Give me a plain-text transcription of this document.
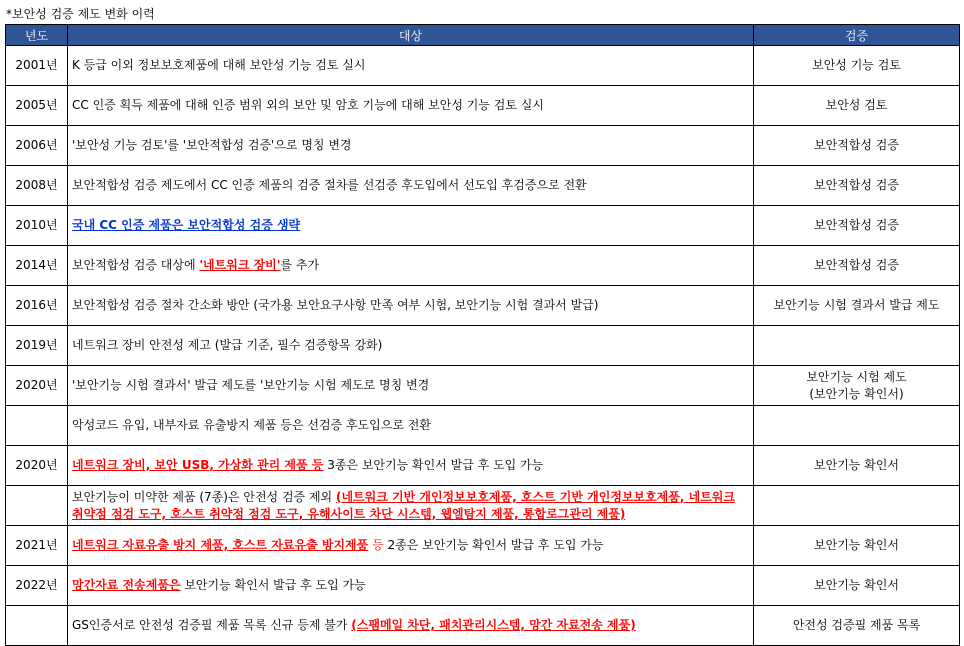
*보안성 검증 제도 변화 이력
년도	대상	검증
2001년	K 등급 이외 정보보호제품에 대해 보안성 기능 검토 실시	보안성 기능 검토
2005년	CC 인증 획득 제품에 대해 인증 범위 외의 보안 및 암호 기능에 대해 보안성 기능 검토 실시	보안성 검토
2006년	'보안성 기능 검토'를 '보안적합성 검증'으로 명칭 변경	보안적합성 검증
2008년	보안적합성 검증 제도에서 CC 인증 제품의 검증 절차를 선검증 후도입에서 선도입 후검증으로 전환	보안적합성 검증
2010년	국내 CC 인증 제품은 보안적합성 검증 생략	보안적합성 검증
2014년	보안적합성 검증 대상에 '네트워크 장비'를 추가	보안적합성 검증
2016년	보안적합성 검증 절차 간소화 방안 (국가용 보안요구사항 만족 여부 시험, 보안기능 시험 결과서 발급)	보안기능 시험 결과서 발급 제도
2019년	네트워크 장비 안전성 제고 (발급 기준, 필수 검증항목 강화)	
2020년	'보안기능 시험 결과서' 발급 제도를 '보안기능 시험 제도로 명칭 변경	보안기능 시험 제도
(보안기능 확인서)
	악성코드 유입, 내부자료 유출방지 제품 등은 선검증 후도입으로 전환	
2020년	네트워크 장비, 보안 USB, 가상화 관리 제품 등 3종은 보안기능 확인서 발급 후 도입 가능	보안기능 확인서
	보안기능이 미약한 제품 (7종)은 안전성 검증 제외 (네트워크 기반 개인정보보호제품, 호스트 기반 개인정보보호제품, 네트워크 취약점 점검 도구, 호스트 취약점 점검 도구, 유해사이트 차단 시스템, 웹엘탐지 제품, 통합로그관리 제품)	
2021년	네트워크 자료유출 방지 제품, 호스트 자료유출 방지제품 등 2종은 보안기능 확인서 발급 후 도입 가능	보안기능 확인서
2022년	망간자료 전송제품은 보안기능 확인서 발급 후 도입 가능	보안기능 확인서
	GS인증서로 안전성 검증필 제품 목록 신규 등제 불가 (스팸메일 차단, 패치관리시스템, 망간 자료전송 제품)	안전성 검증필 제품 목록
